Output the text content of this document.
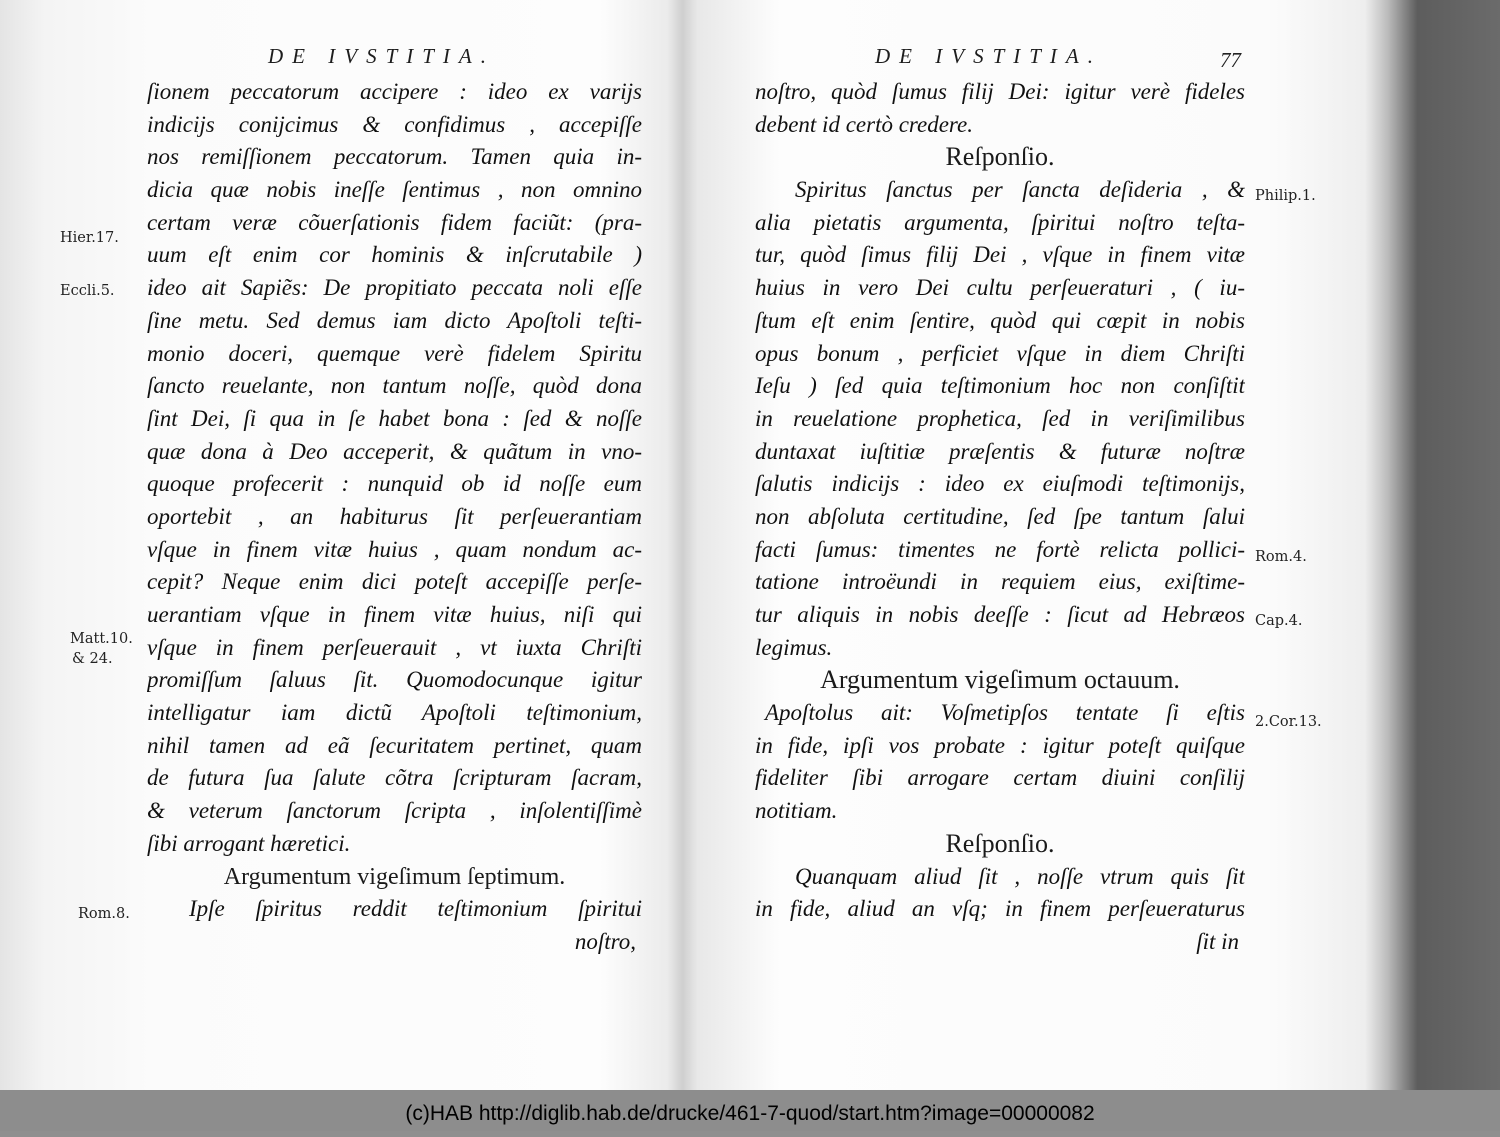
DE IVSTITIA.
ſionem peccatorum accipere : ideo ex varijs
indicijs conijcimus & confidimus , accepiſſe
nos remiſſionem peccatorum. Tamen quia in-
dicia quæ nobis ineſſe ſentimus , non omnino
certam veræ cõuerſationis fidem faciũt: (pra-
uum eſt enim cor hominis & inſcrutabile )
ideo ait Sapiẽs: De propitiato peccata noli eſſe
ſine metu. Sed demus iam dicto Apoſtoli teſti-
monio doceri, quemque verè fidelem Spiritu
ſancto reuelante, non tantum noſſe, quòd dona
ſint Dei, ſi qua in ſe habet bona : ſed & noſſe
quæ dona à Deo acceperit, & quãtum in vno-
quoque profecerit : nunquid ob id noſſe eum
oportebit , an habiturus ſit perſeuerantiam
vſque in finem vitæ huius , quam nondum ac-
cepit? Neque enim dici poteſt accepiſſe perſe-
uerantiam vſque in finem vitæ huius, niſi qui
vſque in finem perſeuerauit , vt iuxta Chriſti
promiſſum ſaluus ſit. Quomodocunque igitur
intelligatur iam dictũ Apoſtoli teſtimonium,
nihil tamen ad eã ſecuritatem pertinet, quam
de futura ſua ſalute cõtra ſcripturam ſacram,
& veterum ſanctorum ſcripta , inſolentiſſimè
ſibi arrogant hæretici.
Argumentum vigeſimum ſeptimum.
Ipſe ſpiritus reddit teſtimonium ſpiritui
noſtro,
Hier.17.
Eccli.5.
Matt.10.
& 24.
Rom.8.
DE IVSTITIA.	77
noſtro, quòd ſumus filij Dei: igitur verè fideles
debent id certò credere.
Reſponſio.
Spiritus ſanctus per ſancta deſideria , &
alia pietatis argumenta, ſpiritui noſtro teſta-
tur, quòd ſimus filij Dei , vſque in finem vitæ
huius in vero Dei cultu perſeueraturi , ( iu-
ſtum eſt enim ſentire, quòd qui cœpit in nobis
opus bonum , perficiet vſque in diem Chriſti
Ieſu ) ſed quia teſtimonium hoc non conſiſtit
in reuelatione prophetica, ſed in veriſimilibus
duntaxat iuſtitiæ præſentis & futuræ noſtræ
ſalutis indicijs : ideo ex eiuſmodi teſtimonijs,
non abſoluta certitudine, ſed ſpe tantum ſalui
facti ſumus: timentes ne fortè relicta pollici-
tatione introëundi in requiem eius, exiſtime-
tur aliquis in nobis deeſſe : ſicut ad Hebræos
legimus.
Argumentum vigeſimum octauum.
Apoſtolus ait: Voſmetipſos tentate ſi eſtis
in fide, ipſi vos probate : igitur poteſt quiſque
fideliter ſibi arrogare certam diuini conſilij
notitiam.
Reſponſio.
Quanquam aliud ſit , noſſe vtrum quis ſit
in fide, aliud an vſq; in finem perſeueraturus
ſit in
Philip.1.
Rom.4.
Cap.4.
2.Cor.13.
(c)HAB http://diglib.hab.de/drucke/461-7-quod/start.htm?image=00000082
